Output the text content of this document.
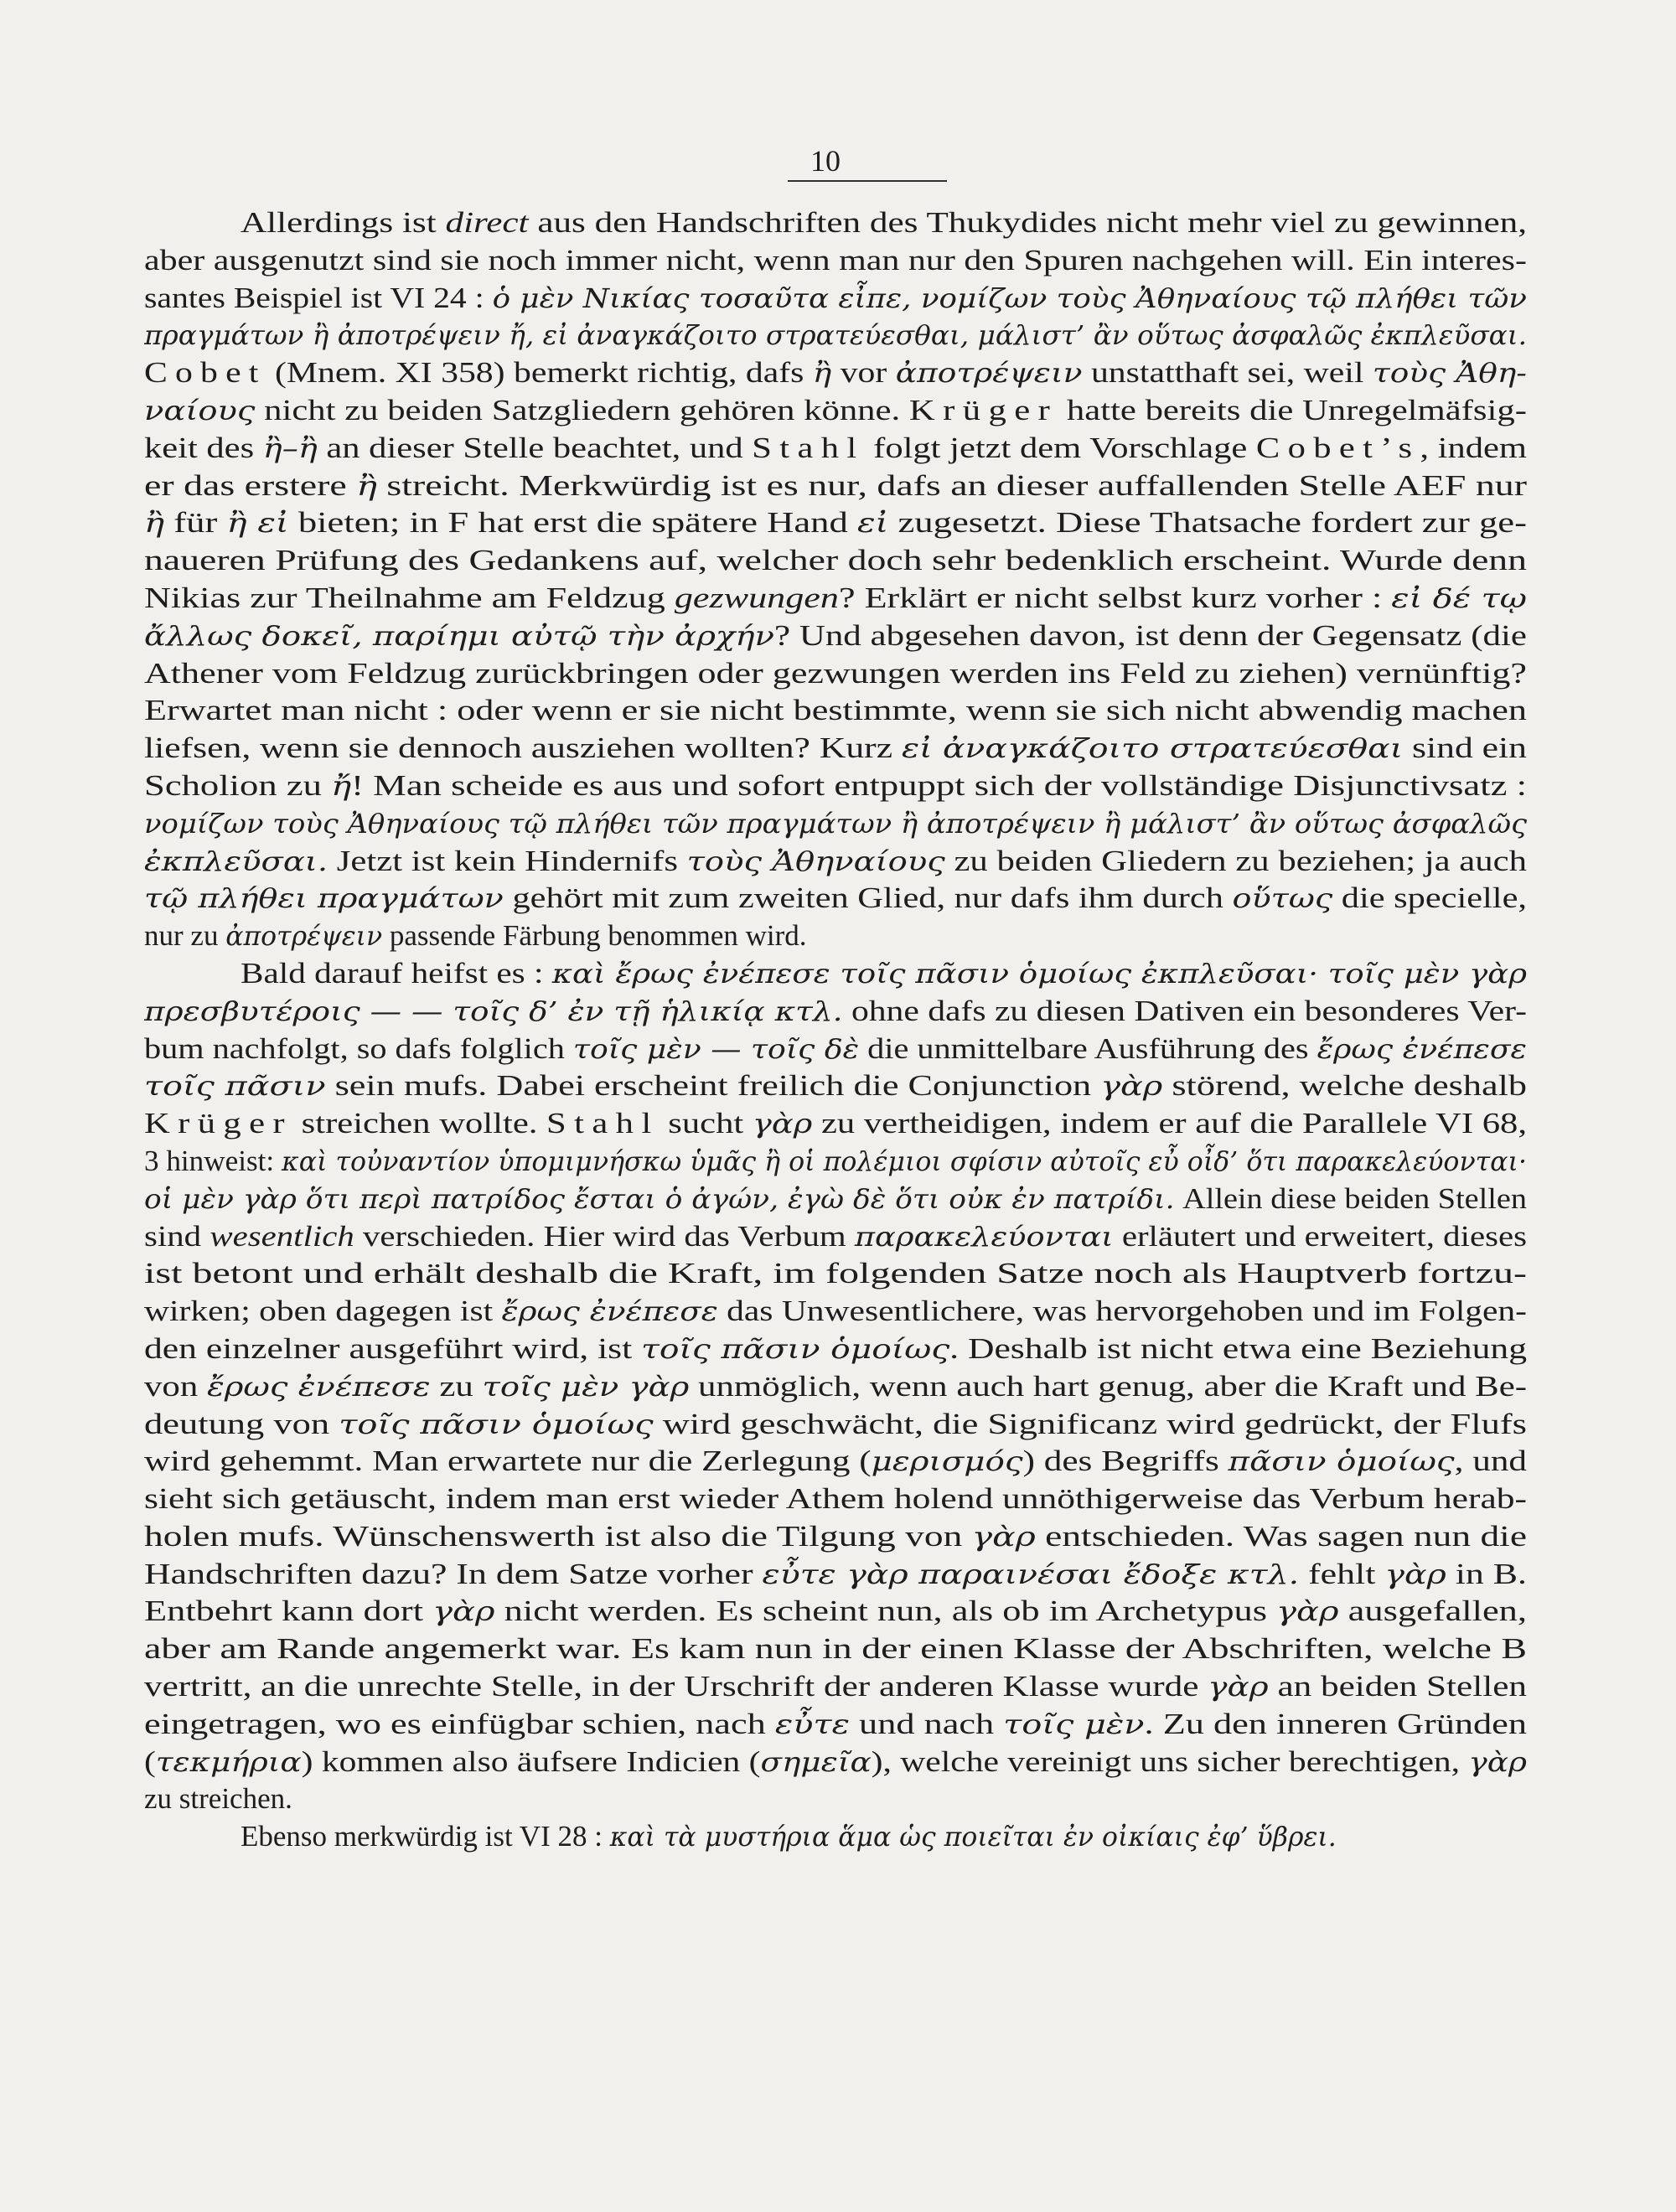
10
Allerdings ist direct aus den Handschriften des Thukydides nicht mehr viel zu gewinnen,
aber ausgenutzt sind sie noch immer nicht, wenn man nur den Spuren nachgehen will. Ein interes-
santes Beispiel ist VI 24 : ὁ μὲν Νικίας τοσαῦτα εἶπε, νομίζων τοὺς Ἀθηναίους τῷ πλήθει τῶν
πραγμάτων ἢ ἀποτρέψειν ἤ, εἰ ἀναγκάζοιτο στρατεύεσθαι, μάλιστ’ ἂν οὕτως ἀσφαλῶς ἐκπλεῦσαι.
Cobet (Mnem. XI 358) bemerkt richtig, dafs ἢ vor ἀποτρέψειν unstatthaft sei, weil τοὺς Ἀθη-
ναίους nicht zu beiden Satzgliedern gehören könne. Krüger hatte bereits die Unregelmäfsig-
keit des ἢ–ἢ an dieser Stelle beachtet, und Stahl folgt jetzt dem Vorschlage Cobet’s, indem
er das erstere ἢ streicht. Merkwürdig ist es nur, dafs an dieser auffallenden Stelle AEF nur
ἢ für ἢ εἰ bieten; in F hat erst die spätere Hand εἰ zugesetzt. Diese Thatsache fordert zur ge-
naueren Prüfung des Gedankens auf, welcher doch sehr bedenklich erscheint. Wurde denn
Nikias zur Theilnahme am Feldzug gezwungen? Erklärt er nicht selbst kurz vorher : εἰ δέ τῳ
ἄλλως δοκεῖ, παρίημι αὐτῷ τὴν ἀρχήν? Und abgesehen davon, ist denn der Gegensatz (die
Athener vom Feldzug zurückbringen oder gezwungen werden ins Feld zu ziehen) vernünftig?
Erwartet man nicht : oder wenn er sie nicht bestimmte, wenn sie sich nicht abwendig machen
liefsen, wenn sie dennoch ausziehen wollten? Kurz εἰ ἀναγκάζοιτο στρατεύεσθαι sind ein
Scholion zu ἤ! Man scheide es aus und sofort entpuppt sich der vollständige Disjunctivsatz :
νομίζων τοὺς Ἀθηναίους τῷ πλήθει τῶν πραγμάτων ἢ ἀποτρέψειν ἢ μάλιστ’ ἂν οὕτως ἀσφαλῶς
ἐκπλεῦσαι. Jetzt ist kein Hindernifs τοὺς Ἀθηναίους zu beiden Gliedern zu beziehen; ja auch
τῷ πλήθει πραγμάτων gehört mit zum zweiten Glied, nur dafs ihm durch οὕτως die specielle,
nur zu ἀποτρέψειν passende Färbung benommen wird.
Bald darauf heifst es : καὶ ἔρως ἐνέπεσε τοῖς πᾶσιν ὁμοίως ἐκπλεῦσαι· τοῖς μὲν γὰρ
πρεσβυτέροις — — τοῖς δ’ ἐν τῇ ἡλικίᾳ κτλ. ohne dafs zu diesen Dativen ein besonderes Ver-
bum nachfolgt, so dafs folglich τοῖς μὲν — τοῖς δὲ die unmittelbare Ausführung des ἔρως ἐνέπεσε
τοῖς πᾶσιν sein mufs. Dabei erscheint freilich die Conjunction γὰρ störend, welche deshalb
Krüger streichen wollte. Stahl sucht γὰρ zu vertheidigen, indem er auf die Parallele VI 68,
3 hinweist: καὶ τοὐναντίον ὑπομιμνήσκω ὑμᾶς ἢ οἱ πολέμιοι σφίσιν αὐτοῖς εὖ οἶδ’ ὅτι παρακελεύονται·
οἱ μὲν γὰρ ὅτι περὶ πατρίδος ἔσται ὁ ἀγών, ἐγὼ δὲ ὅτι οὐκ ἐν πατρίδι. Allein diese beiden Stellen
sind wesentlich verschieden. Hier wird das Verbum παρακελεύονται erläutert und erweitert, dieses
ist betont und erhält deshalb die Kraft, im folgenden Satze noch als Hauptverb fortzu-
wirken; oben dagegen ist ἔρως ἐνέπεσε das Unwesentlichere, was hervorgehoben und im Folgen-
den einzelner ausgeführt wird, ist τοῖς πᾶσιν ὁμοίως. Deshalb ist nicht etwa eine Beziehung
von ἔρως ἐνέπεσε zu τοῖς μὲν γὰρ unmöglich, wenn auch hart genug, aber die Kraft und Be-
deutung von τοῖς πᾶσιν ὁμοίως wird geschwächt, die Significanz wird gedrückt, der Flufs
wird gehemmt. Man erwartete nur die Zerlegung (μερισμός) des Begriffs πᾶσιν ὁμοίως, und
sieht sich getäuscht, indem man erst wieder Athem holend unnöthigerweise das Verbum herab-
holen mufs. Wünschenswerth ist also die Tilgung von γὰρ entschieden. Was sagen nun die
Handschriften dazu? In dem Satze vorher εὖτε γὰρ παραινέσαι ἔδοξε κτλ. fehlt γὰρ in B.
Entbehrt kann dort γὰρ nicht werden. Es scheint nun, als ob im Archetypus γὰρ ausgefallen,
aber am Rande angemerkt war. Es kam nun in der einen Klasse der Abschriften, welche B
vertritt, an die unrechte Stelle, in der Urschrift der anderen Klasse wurde γὰρ an beiden Stellen
eingetragen, wo es einfügbar schien, nach εὖτε und nach τοῖς μὲν. Zu den inneren Gründen
(τεκμήρια) kommen also äufsere Indicien (σημεῖα), welche vereinigt uns sicher berechtigen, γὰρ
zu streichen.
Ebenso merkwürdig ist VI 28 : καὶ τὰ μυστήρια ἅμα ὡς ποιεῖται ἐν οἰκίαις ἐφ’ ὕβρει.
